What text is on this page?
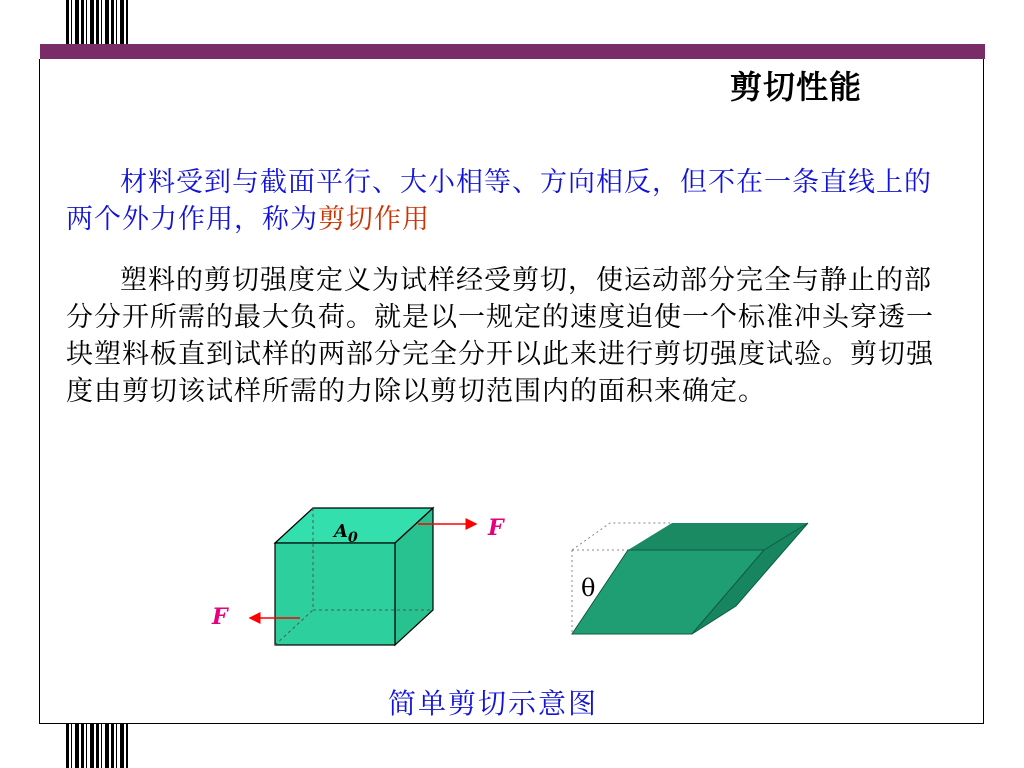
剪切性能
材料受到与截面平行、大小相等、方向相反，但不在一条直线上的两个外力作用，称为剪切作用
塑料的剪切强度定义为试样经受剪切，使运动部分完全与静止的部分分开所需的最大负荷。就是以一规定的速度迫使一个标准冲头穿透一块塑料板直到试样的两部分完全分开以此来进行剪切强度试验。剪切强度由剪切该试样所需的力除以剪切范围内的面积来确定。
$A_0$	F
F
θ
简单剪切示意图
